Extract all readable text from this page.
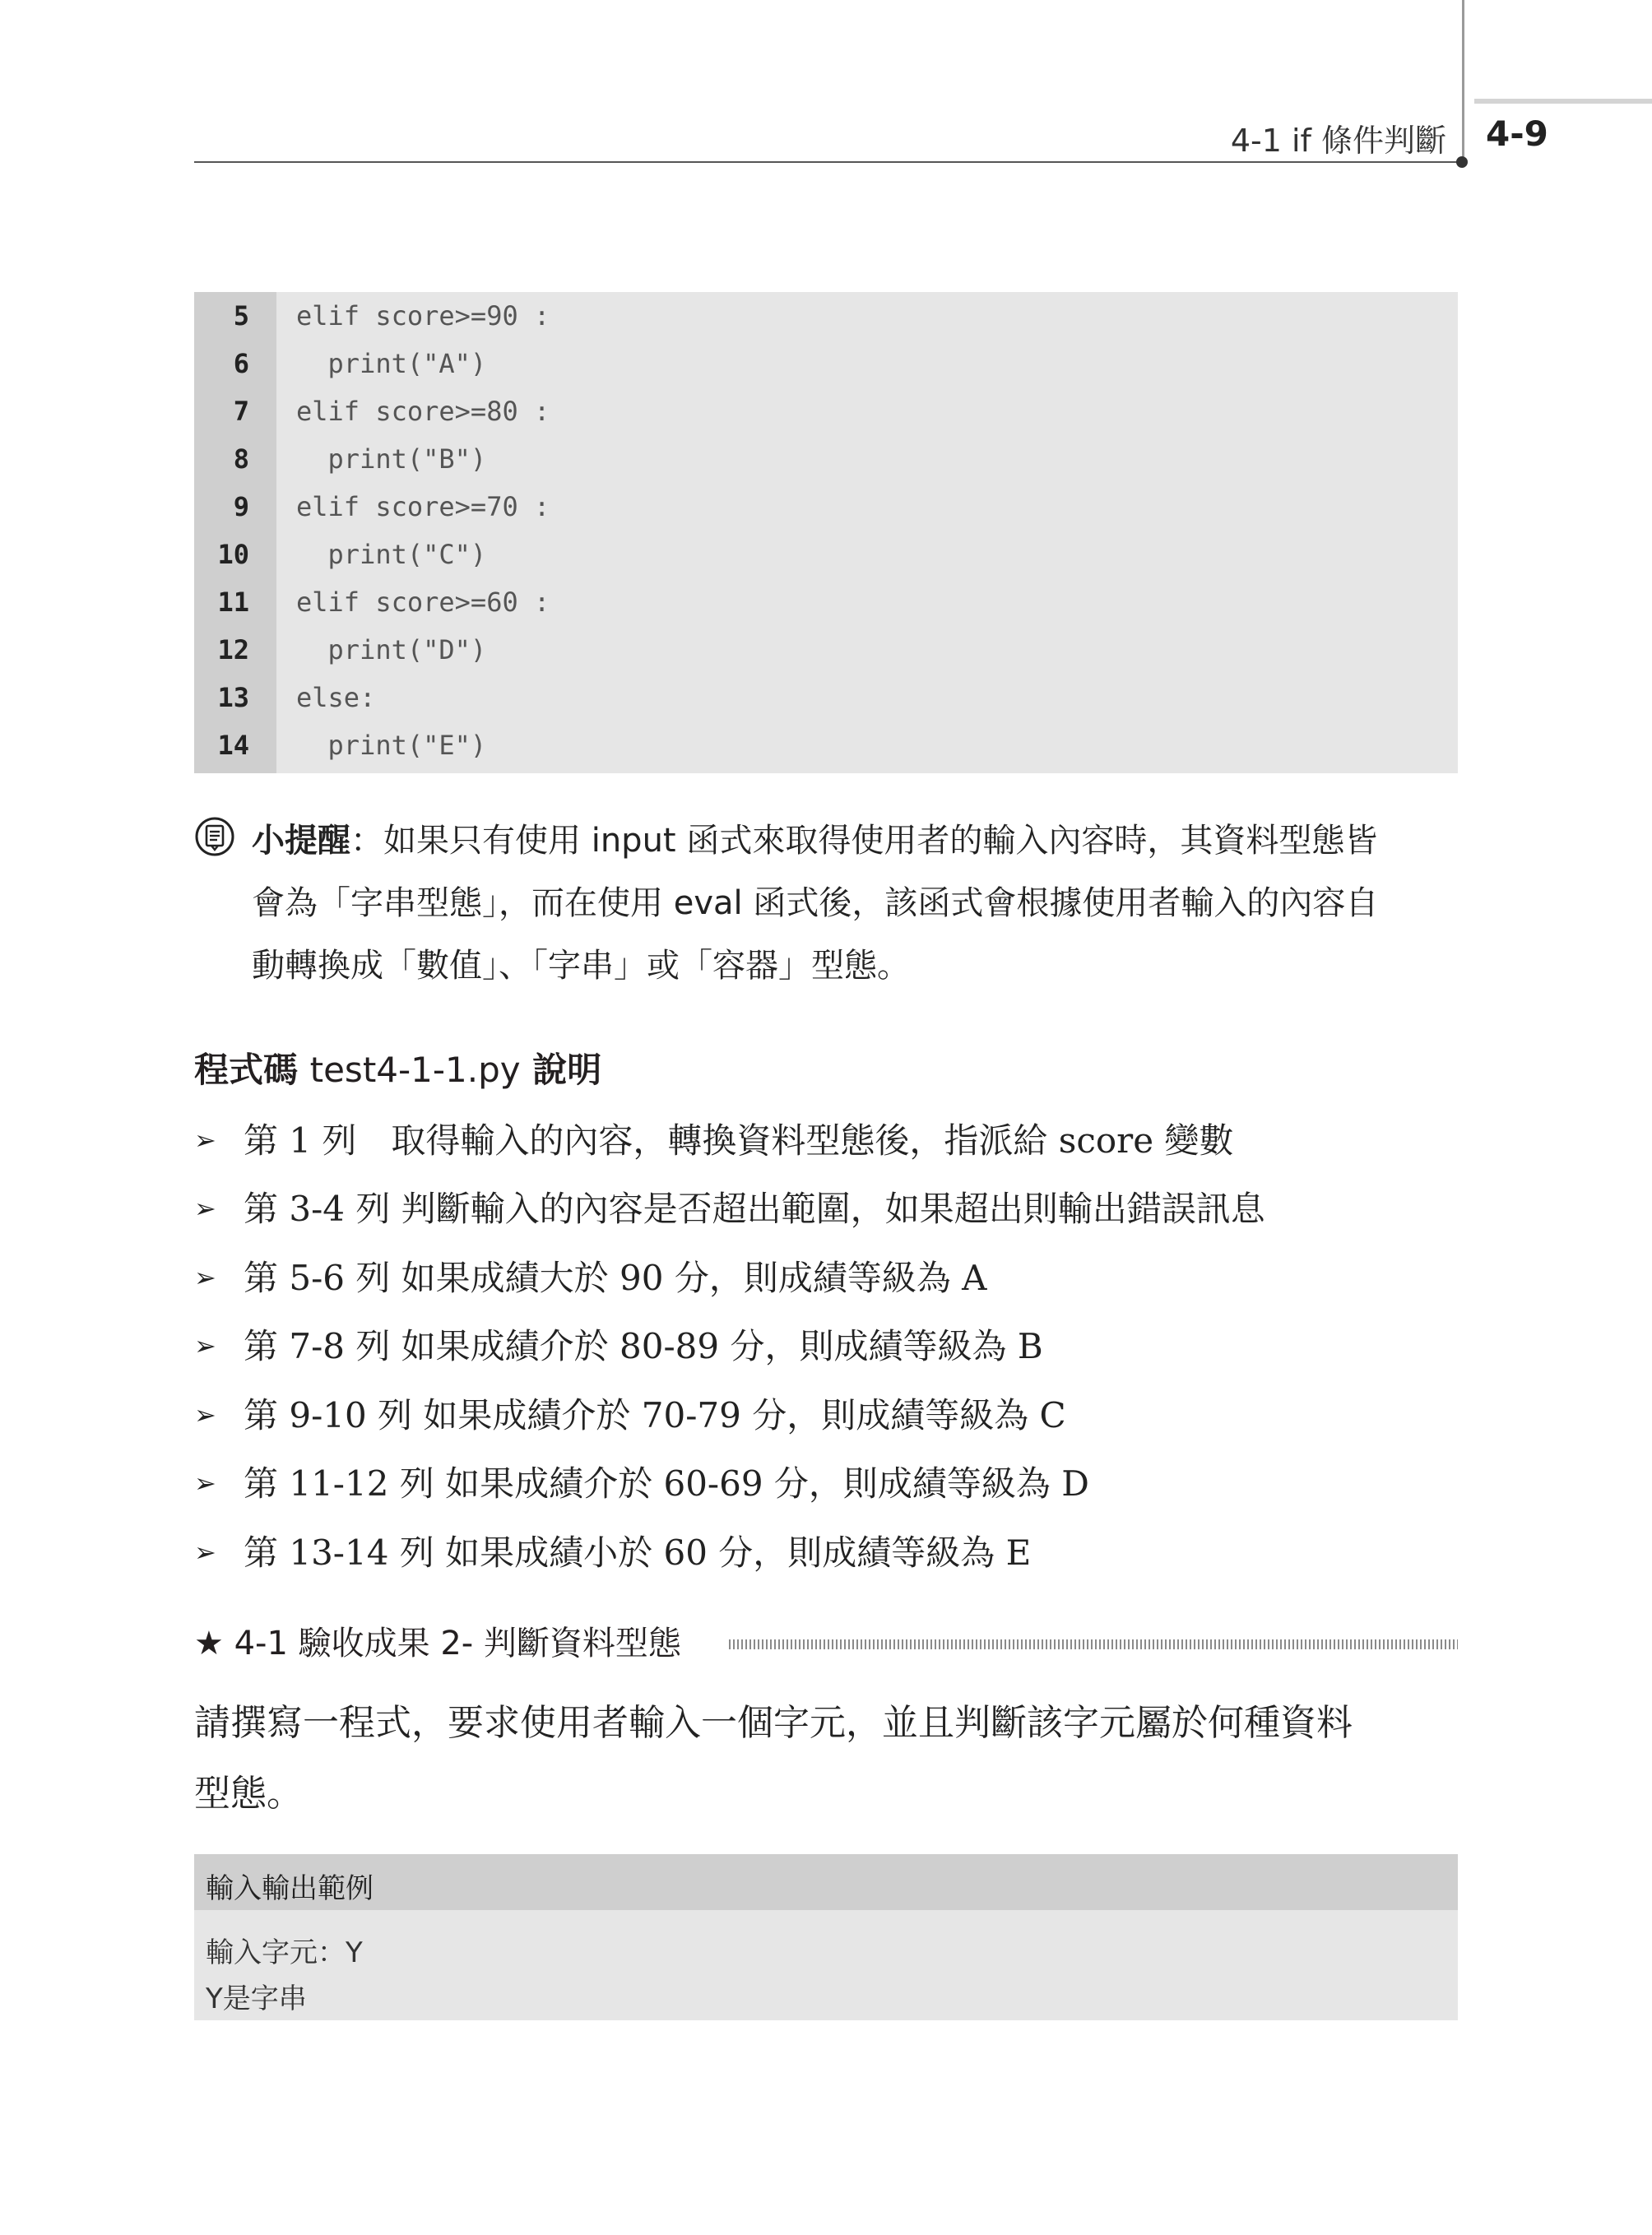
4-1 if 條件判斷 4-9
5 elif score>=90 :
6 print("A")
7 elif score>=80 :
8 print("B")
9 elif score>=70 :
10 print("C")
11 elif score>=60 :
12 print("D")
13 else:
14 print("E")
小提醒：如果只有使用 input 函式來取得使用者的輸入內容時，其資料型態皆
會為「字串型態」，而在使用 eval 函式後，該函式會根據使用者輸入的內容自
動轉換成「數值」、「字串」或「容器」型態。
程式碼 test4-1-1.py 說明
➢ 第 1 列　取得輸入的內容，轉換資料型態後，指派給 score 變數
➢ 第 3-4 列 判斷輸入的內容是否超出範圍，如果超出則輸出錯誤訊息
➢ 第 5-6 列 如果成績大於 90 分，則成績等級為 A
➢ 第 7-8 列 如果成績介於 80-89 分，則成績等級為 B
➢ 第 9-10 列 如果成績介於 70-79 分，則成績等級為 C
➢ 第 11-12 列 如果成績介於 60-69 分，則成績等級為 D
➢ 第 13-14 列 如果成績小於 60 分，則成績等級為 E
★ 4-1 驗收成果 2- 判斷資料型態
請撰寫一程式，要求使用者輸入一個字元，並且判斷該字元屬於何種資料
型態。
輸入輸出範例
輸入字元：Y
Y是字串
